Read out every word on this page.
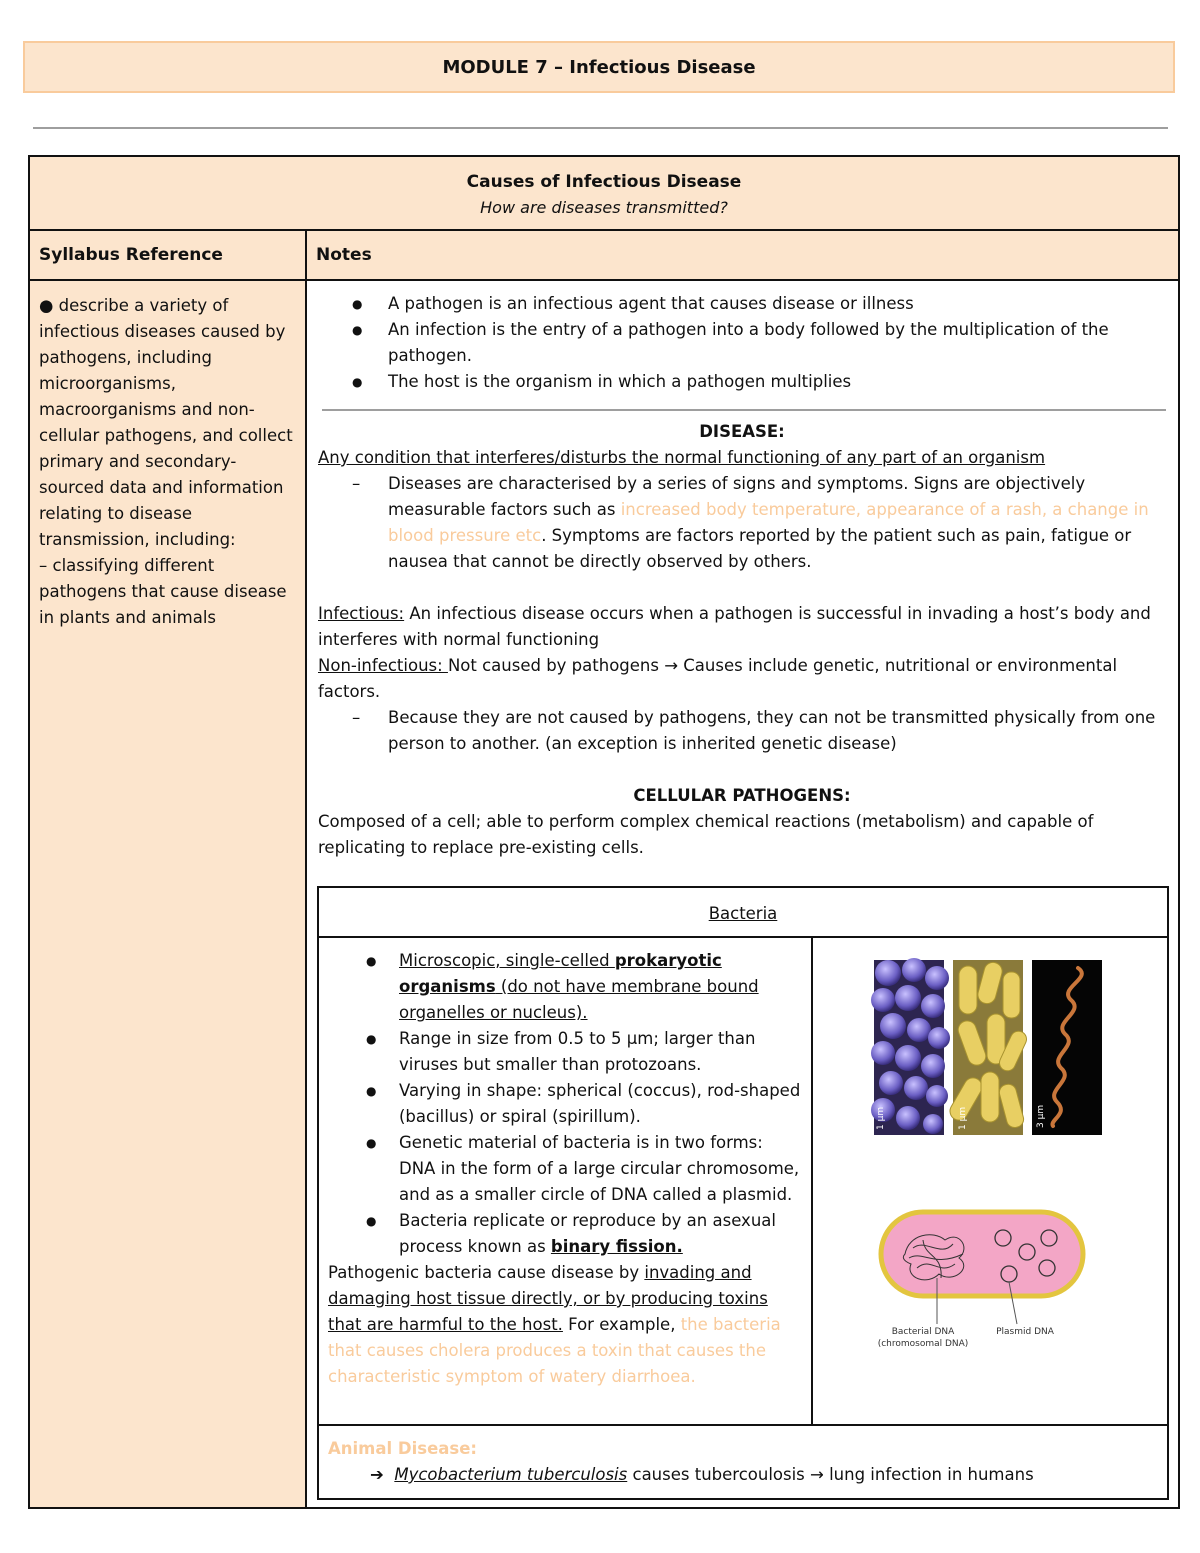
MODULE 7 – Infectious Disease
Causes of Infectious Disease
How are diseases transmitted?
Syllabus Reference	Notes
● describe a variety of infectious diseases caused by pathogens, including microorganisms, macroorganisms and non-cellular pathogens, and collect primary and secondary-sourced data and information relating to disease transmission, including:
– classifying different pathogens that cause disease in plants and animals
● A pathogen is an infectious agent that causes disease or illness
● An infection is the entry of a pathogen into a body followed by the multiplication of the pathogen.
● The host is the organism in which a pathogen multiplies
DISEASE:
Any condition that interferes/disturbs the normal functioning of any part of an organism
– Diseases are characterised by a series of signs and symptoms. Signs are objectively measurable factors such as increased body temperature, appearance of a rash, a change in blood pressure etc. Symptoms are factors reported by the patient such as pain, fatigue or nausea that cannot be directly observed by others.
Infectious: An infectious disease occurs when a pathogen is successful in invading a host’s body and interferes with normal functioning
Non-infectious: Not caused by pathogens → Causes include genetic, nutritional or environmental factors.
– Because they are not caused by pathogens, they can not be transmitted physically from one person to another. (an exception is inherited genetic disease)
CELLULAR PATHOGENS:
Composed of a cell; able to perform complex chemical reactions (metabolism) and capable of replicating to replace pre-existing cells.
Bacteria
● Microscopic, single-celled prokaryotic organisms (do not have membrane bound organelles or nucleus).
● Range in size from 0.5 to 5 μm; larger than viruses but smaller than protozoans.
● Varying in shape: spherical (coccus), rod-shaped (bacillus) or spiral (spirillum).
● Genetic material of bacteria is in two forms: DNA in the form of a large circular chromosome, and as a smaller circle of DNA called a plasmid.
● Bacteria replicate or reproduce by an asexual process known as binary fission.
Pathogenic bacteria cause disease by invading and damaging host tissue directly, or by producing toxins that are harmful to the host. For example, the bacteria that causes cholera produces a toxin that causes the characteristic symptom of watery diarrhoea.
1 μm	1 μm	3 μm
Bacterial DNA
(chromosomal DNA)
Plasmid DNA
Animal Disease:
➔  Mycobacterium tuberculosis causes tubercoulosis → lung infection in humans
